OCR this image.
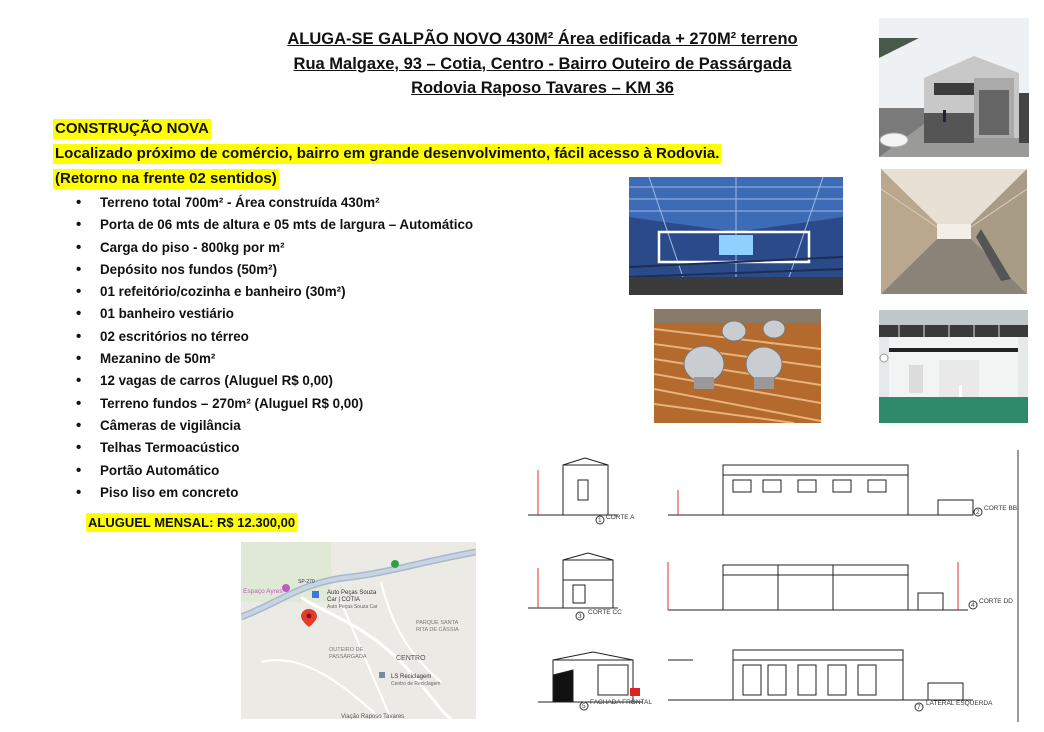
ALUGA-SE GALPÃO NOVO 430M² Área edificada + 270M² terreno
Rua Malgaxe, 93 – Cotia, Centro - Bairro Outeiro de Passárgada
Rodovia Raposo Tavares – KM 36
CONSTRUÇÃO NOVA
Localizado próximo de comércio, bairro em grande desenvolvimento, fácil acesso à Rodovia.
(Retorno na frente 02 sentidos)
• Terreno total 700m² - Área construída 430m²
• Porta de 06 mts de altura e 05 mts de largura – Automático
• Carga do piso - 800kg por m²
• Depósito nos fundos (50m²)
• 01 refeitório/cozinha e banheiro (30m²)
• 01 banheiro vestiário
• 02 escritórios no térreo
• Mezanino de 50m²
• 12 vagas de carros (Aluguel R$ 0,00)
• Terreno fundos – 270m² (Aluguel R$ 0,00)
• Câmeras de vigilância
• Telhas Termoacústico
• Portão Automático
• Piso liso em concreto
ALUGUEL MENSAL: R$ 12.300,00
Espaço Ayres	Auto Peças Souza
Car | COTIA
Auto Peças Souza Car
PARQUE SANTA
RITA DE CÁSSIA
OUTEIRO DE
PASSÁRGADA	CENTRO
LS Reciclagem
Centro de Reciclagem
Viação Raposo Tavares
SP-270
1 CORTE A
2
CORTE BB
3
CORTE CC
4
CORTE DD
5
FACHADA FRONTAL
7
LATERAL ESQUERDA
